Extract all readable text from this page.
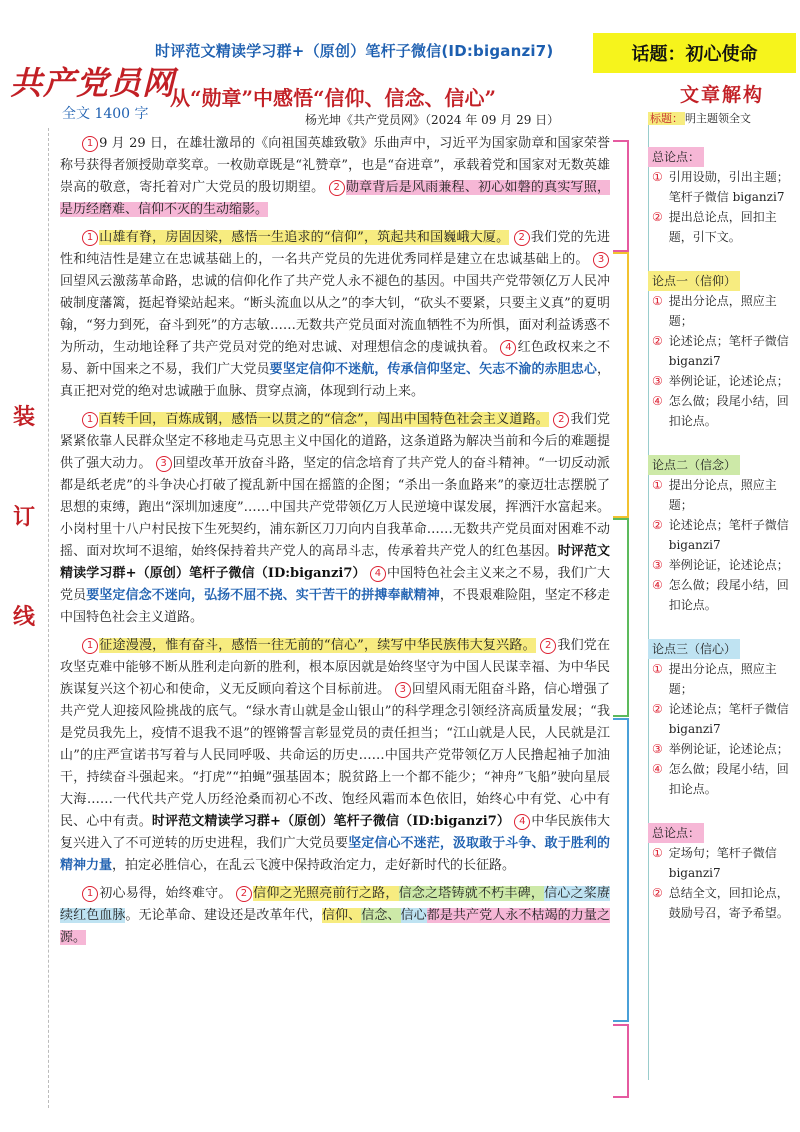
时评范文精读学习群+（原创）笔杆子微信(ID:biganzi7)	话题：初心使命
共产党员网
全文 1400 字
从“勋章”中感悟“信仰、信念、信心”
杨光坤《共产党员网》（2024 年 09 月 29 日）
装
订
线

1 9 月 29 日，在雄壮激昂的《向祖国英雄致敬》乐曲声中，习近平为国家勋章和国家荣誉称号获得者颁授勋章奖章。一枚勋章既是“礼赞章”，也是“奋进章”，承载着党和国家对无数英雄崇高的敬意，寄托着对广大党员的殷切期望。 2 勋章背后是风雨兼程、初心如磐的真实写照，是历经磨难、信仰不灭的生动缩影。

1 山雄有脊，房固因梁，感悟一生追求的“信仰”，筑起共和国巍峨大厦。 2 我们党的先进性和纯洁性是建立在忠诚基础上的，一名共产党员的先进优秀同样是建立在忠诚基础上的。 3回望风云激荡革命路，忠诚的信仰化作了共产党人永不褪色的基因。中国共产党带领亿万人民冲破制度藩篱，挺起脊梁站起来。“断头流血以从之”的李大钊，“砍头不要紧，只要主义真”的夏明翰，“努力到死，奋斗到死”的方志敏……无数共产党员面对流血牺牲不为所惧，面对利益诱惑不为所动，生动地诠释了共产党员对党的绝对忠诚、对理想信念的虔诚执着。 4 红色政权来之不易、新中国来之不易，我们广大党员要坚定信仰不迷航，传承信仰坚定、矢志不渝的赤胆忠心，真正把对党的绝对忠诚融于血脉、贯穿点滴，体现到行动上来。

1 百转千回，百炼成钢，感悟一以贯之的“信念”，闯出中国特色社会主义道路。 2 我们党紧紧依靠人民群众坚定不移地走马克思主义中国化的道路，这条道路为解决当前和今后的难题提供了强大动力。 3 回望改革开放奋斗路，坚定的信念培育了共产党人的奋斗精神。“一切反动派都是纸老虎”的斗争决心打破了搅乱新中国在摇篮的企图；“杀出一条血路来”的豪迈壮志摆脱了思想的束缚，跑出“深圳加速度”……中国共产党带领亿万人民逆境中谋发展，挥洒汗水富起来。小岗村里十八户村民按下生死契约，浦东新区刀刀向内自我革命……无数共产党员面对困难不动摇、面对坎坷不退缩，始终保持着共产党人的高昂斗志，传承着共产党人的红色基因。时评范文精读学习群+（原创）笔杆子微信（ID:biganzi7） 4 中国特色社会主义来之不易，我们广大党员要坚定信念不迷向，弘扬不屈不挠、实干苦干的拼搏奉献精神，不畏艰难险阻，坚定不移走中国特色社会主义道路。

1 征途漫漫，惟有奋斗，感悟一往无前的“信心”，续写中华民族伟大复兴路。 2 我们党在攻坚克难中能够不断从胜利走向新的胜利，根本原因就是始终坚守为中国人民谋幸福、为中华民族谋复兴这个初心和使命，义无反顾向着这个目标前进。 3 回望风雨无阻奋斗路，信心增强了共产党人迎接风险挑战的底气。“绿水青山就是金山银山”的科学理念引领经济高质量发展；“我是党员我先上，疫情不退我不退”的铿锵誓言彰显党员的责任担当；“江山就是人民，人民就是江山”的庄严宣诺书写着与人民同呼吸、共命运的历史……中国共产党带领亿万人民撸起袖子加油干，持续奋斗强起来。“打虎”“拍蝇”强基固本；脱贫路上一个都不能少；“神舟”飞船”驶向星辰大海……一代代共产党人历经沧桑而初心不改、饱经风霜而本色依旧，始终心中有党、心中有民、心中有责。时评范文精读学习群+（原创）笔杆子微信（ID:biganzi7） 4 中华民族伟大复兴进入了不可逆转的历史进程，我们广大党员要坚定信心不迷茫，汲取敢于斗争、敢于胜利的精神力量，拍定必胜信心，在乱云飞渡中保持政治定力，走好新时代的长征路。

1 初心易得，始终难守。 2 信仰之光照亮前行之路，信念之塔铸就不朽丰碑，信心之桨赓续红色血脉。无论革命、建设还是改革年代，信仰、信念、信心都是共产党人永不枯竭的力量之源。

文章解构
标题： 明主题领全文
总论点：
① 引用设勋，引出主题；笔杆子微信 biganzi7
② 提出总论点，回扣主题，引下文。
论点一（信仰）
① 提出分论点，照应主题；
② 论述论点；笔杆子微信 biganzi7
③ 举例论证，论述论点；
④ 怎么做；段尾小结，回扣论点。
论点二（信念）
① 提出分论点，照应主题；
② 论述论点；笔杆子微信 biganzi7
③ 举例论证，论述论点；
④ 怎么做；段尾小结，回扣论点。
论点三（信心）
① 提出分论点，照应主题；
② 论述论点；笔杆子微信 biganzi7
③ 举例论证，论述论点；
④ 怎么做；段尾小结，回扣论点。
总论点：
① 定场句；笔杆子微信 biganzi7
② 总结全文，回扣论点，鼓励号召，寄予希望。
